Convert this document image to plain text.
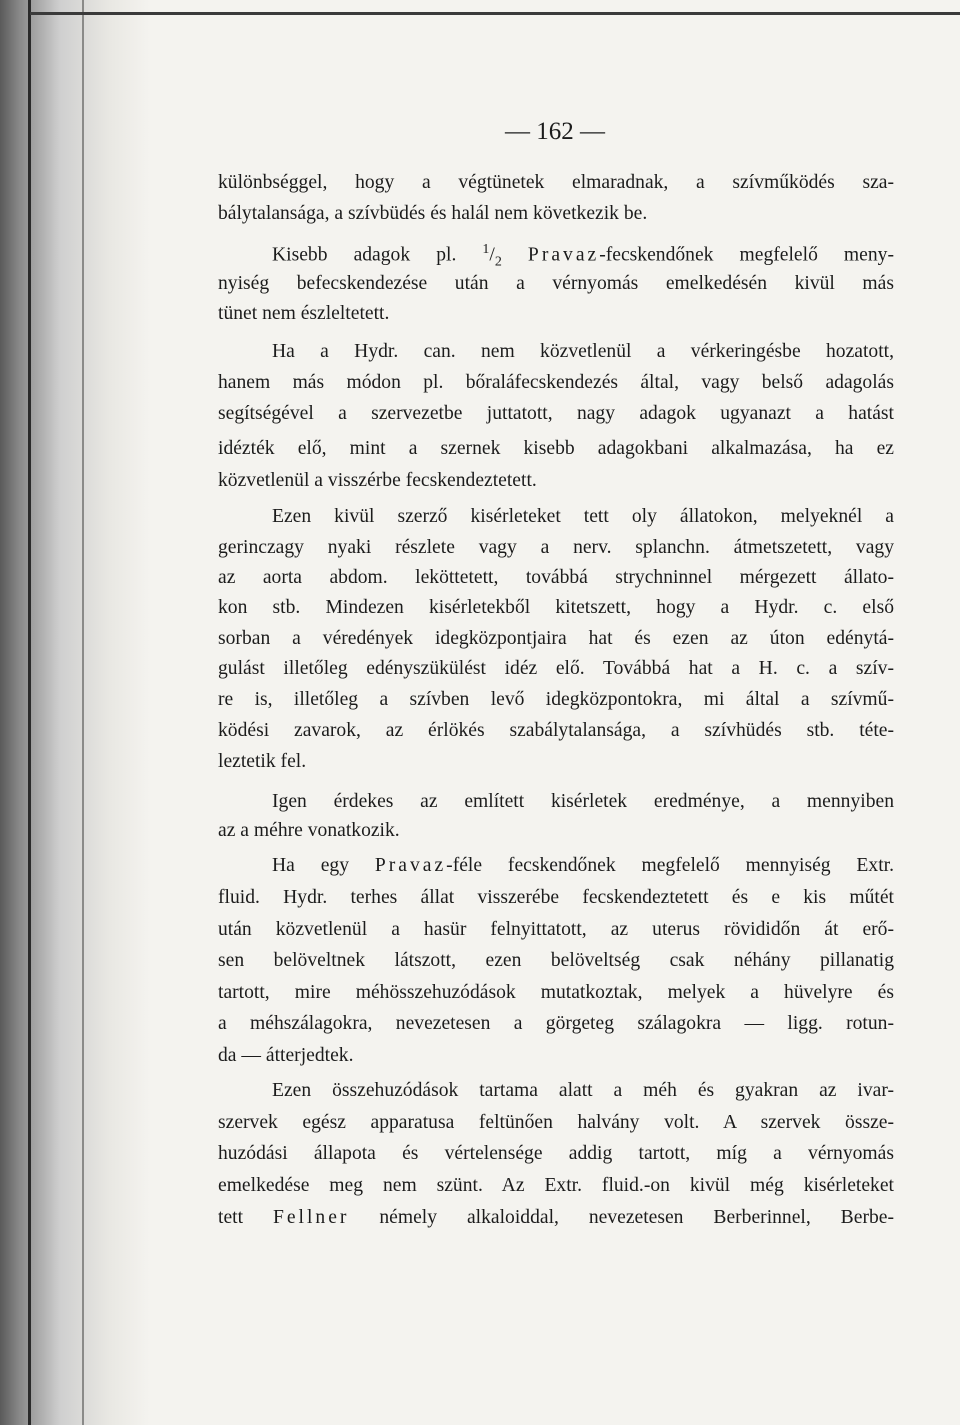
— 162 —
különbséggel, hogy a végtünetek elmaradnak, a szívműködés sza-
bálytalansága, a szívbüdés és halál nem következik be.
Kisebb adagok pl. $^1/_2$ Pravaz-fecskendőnek megfelelő meny-
nyiség befecskendezése után a vérnyomás emelkedésén kivül más
tünet nem észleltetett.
Ha a Hydr. can. nem közvetlenül a vérkeringésbe hozatott,
hanem más módon pl. bőraláfecskendezés által, vagy belső adagolás
segítségével a szervezetbe juttatott, nagy adagok ugyanazt a hatást
idézték elő, mint a szernek kisebb adagokbani alkalmazása, ha ez
közvetlenül a visszérbe fecskendeztetett.
Ezen kivül szerző kisérleteket tett oly állatokon, melyeknél a
gerinczagy nyaki részlete vagy a nerv. splanchn. átmetszetett, vagy
az aorta abdom. leköttetett, továbbá strychninnel mérgezett állato-
kon stb. Mindezen kisérletekből kitetszett, hogy a Hydr. c. első
sorban a véredények idegközpontjaira hat és ezen az úton edénytá-
gulást illetőleg edényszükülést idéz elő. Továbbá hat a H. c. a szív-
re is, illetőleg a szívben levő idegközpontokra, mi által a szívmű-
ködési zavarok, az érlökés szabálytalansága, a szívhüdés stb. téte-
leztetik fel.
Igen érdekes az említett kisérletek eredménye, a mennyiben
az a méhre vonatkozik.
Ha egy Pravaz-féle fecskendőnek megfelelő mennyiség Extr.
fluid. Hydr. terhes állat visszerébe fecskendeztetett és e kis műtét
után közvetlenül a hasür felnyittatott, az uterus rövididőn át erő-
sen belöveltnek látszott, ezen belöveltség csak néhány pillanatig
tartott, mire méhösszehuzódások mutatkoztak, melyek a hüvelyre és
a méhszálagokra, nevezetesen a görgeteg szálagokra — ligg. rotun-
da — átterjedtek.
Ezen összehuzódások tartama alatt a méh és gyakran az ivar-
szervek egész apparatusa feltünően halvány volt. A szervek össze-
huzódási állapota és vértelensége addig tartott, míg a vérnyomás
emelkedése meg nem szünt. Az Extr. fluid.-on kivül még kisérleteket
tett Fellner némely alkaloiddal, nevezetesen Berberinnel, Berbe-
